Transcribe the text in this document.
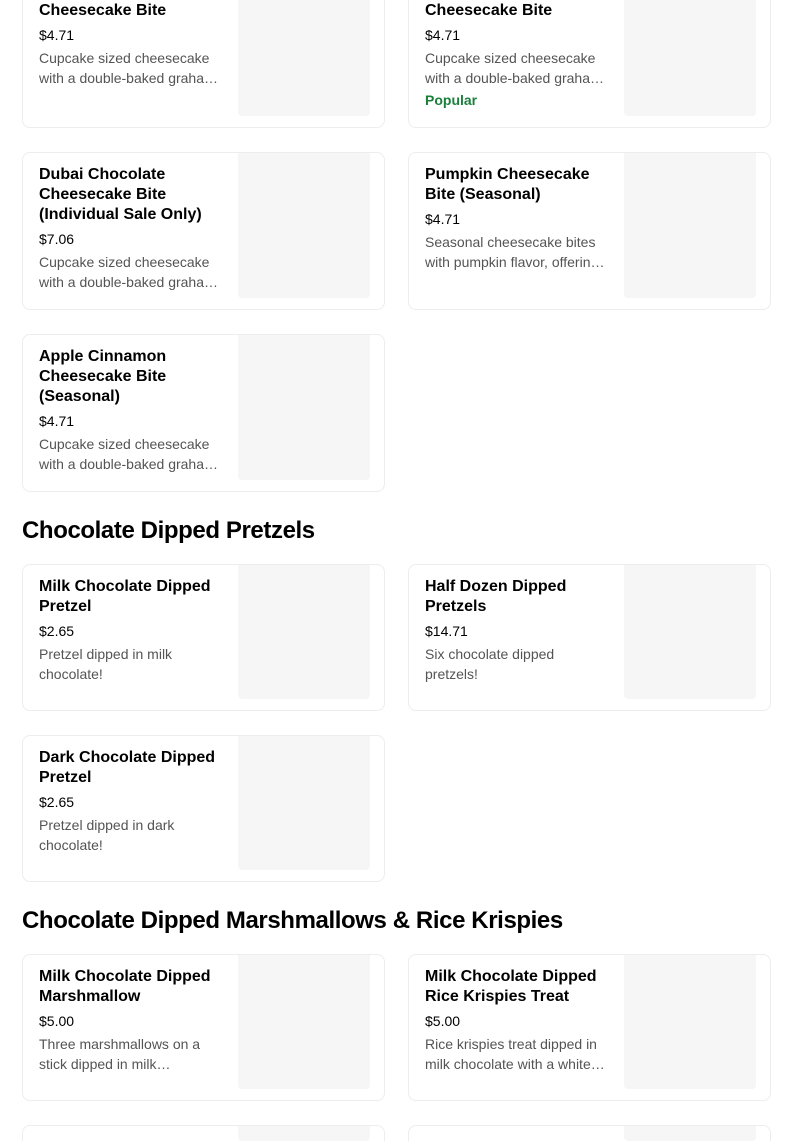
Cheesecake Bite
$4.71
Cupcake sized cheesecake with a double-baked graham
Cheesecake Bite
$4.71
Cupcake sized cheesecake with a double-baked graham
Popular
Dubai Chocolate Cheesecake Bite (Individual Sale Only)
$7.06
Cupcake sized cheesecake with a double-baked graham
Pumpkin Cheesecake Bite (Seasonal)
$4.71
Seasonal cheesecake bites with pumpkin flavor, offering
Apple Cinnamon Cheesecake Bite (Seasonal)
$4.71
Cupcake sized cheesecake with a double-baked graham
Chocolate Dipped Pretzels
Milk Chocolate Dipped Pretzel
$2.65
Pretzel dipped in milk chocolate!
Half Dozen Dipped Pretzels
$14.71
Six chocolate dipped pretzels!
Dark Chocolate Dipped Pretzel
$2.65
Pretzel dipped in dark chocolate!
Chocolate Dipped Marshmallows & Rice Krispies
Milk Chocolate Dipped Marshmallow
$5.00
Three marshmallows on a stick dipped in milk
Milk Chocolate Dipped Rice Krispies Treat
$5.00
Rice krispies treat dipped in milk chocolate with a white
